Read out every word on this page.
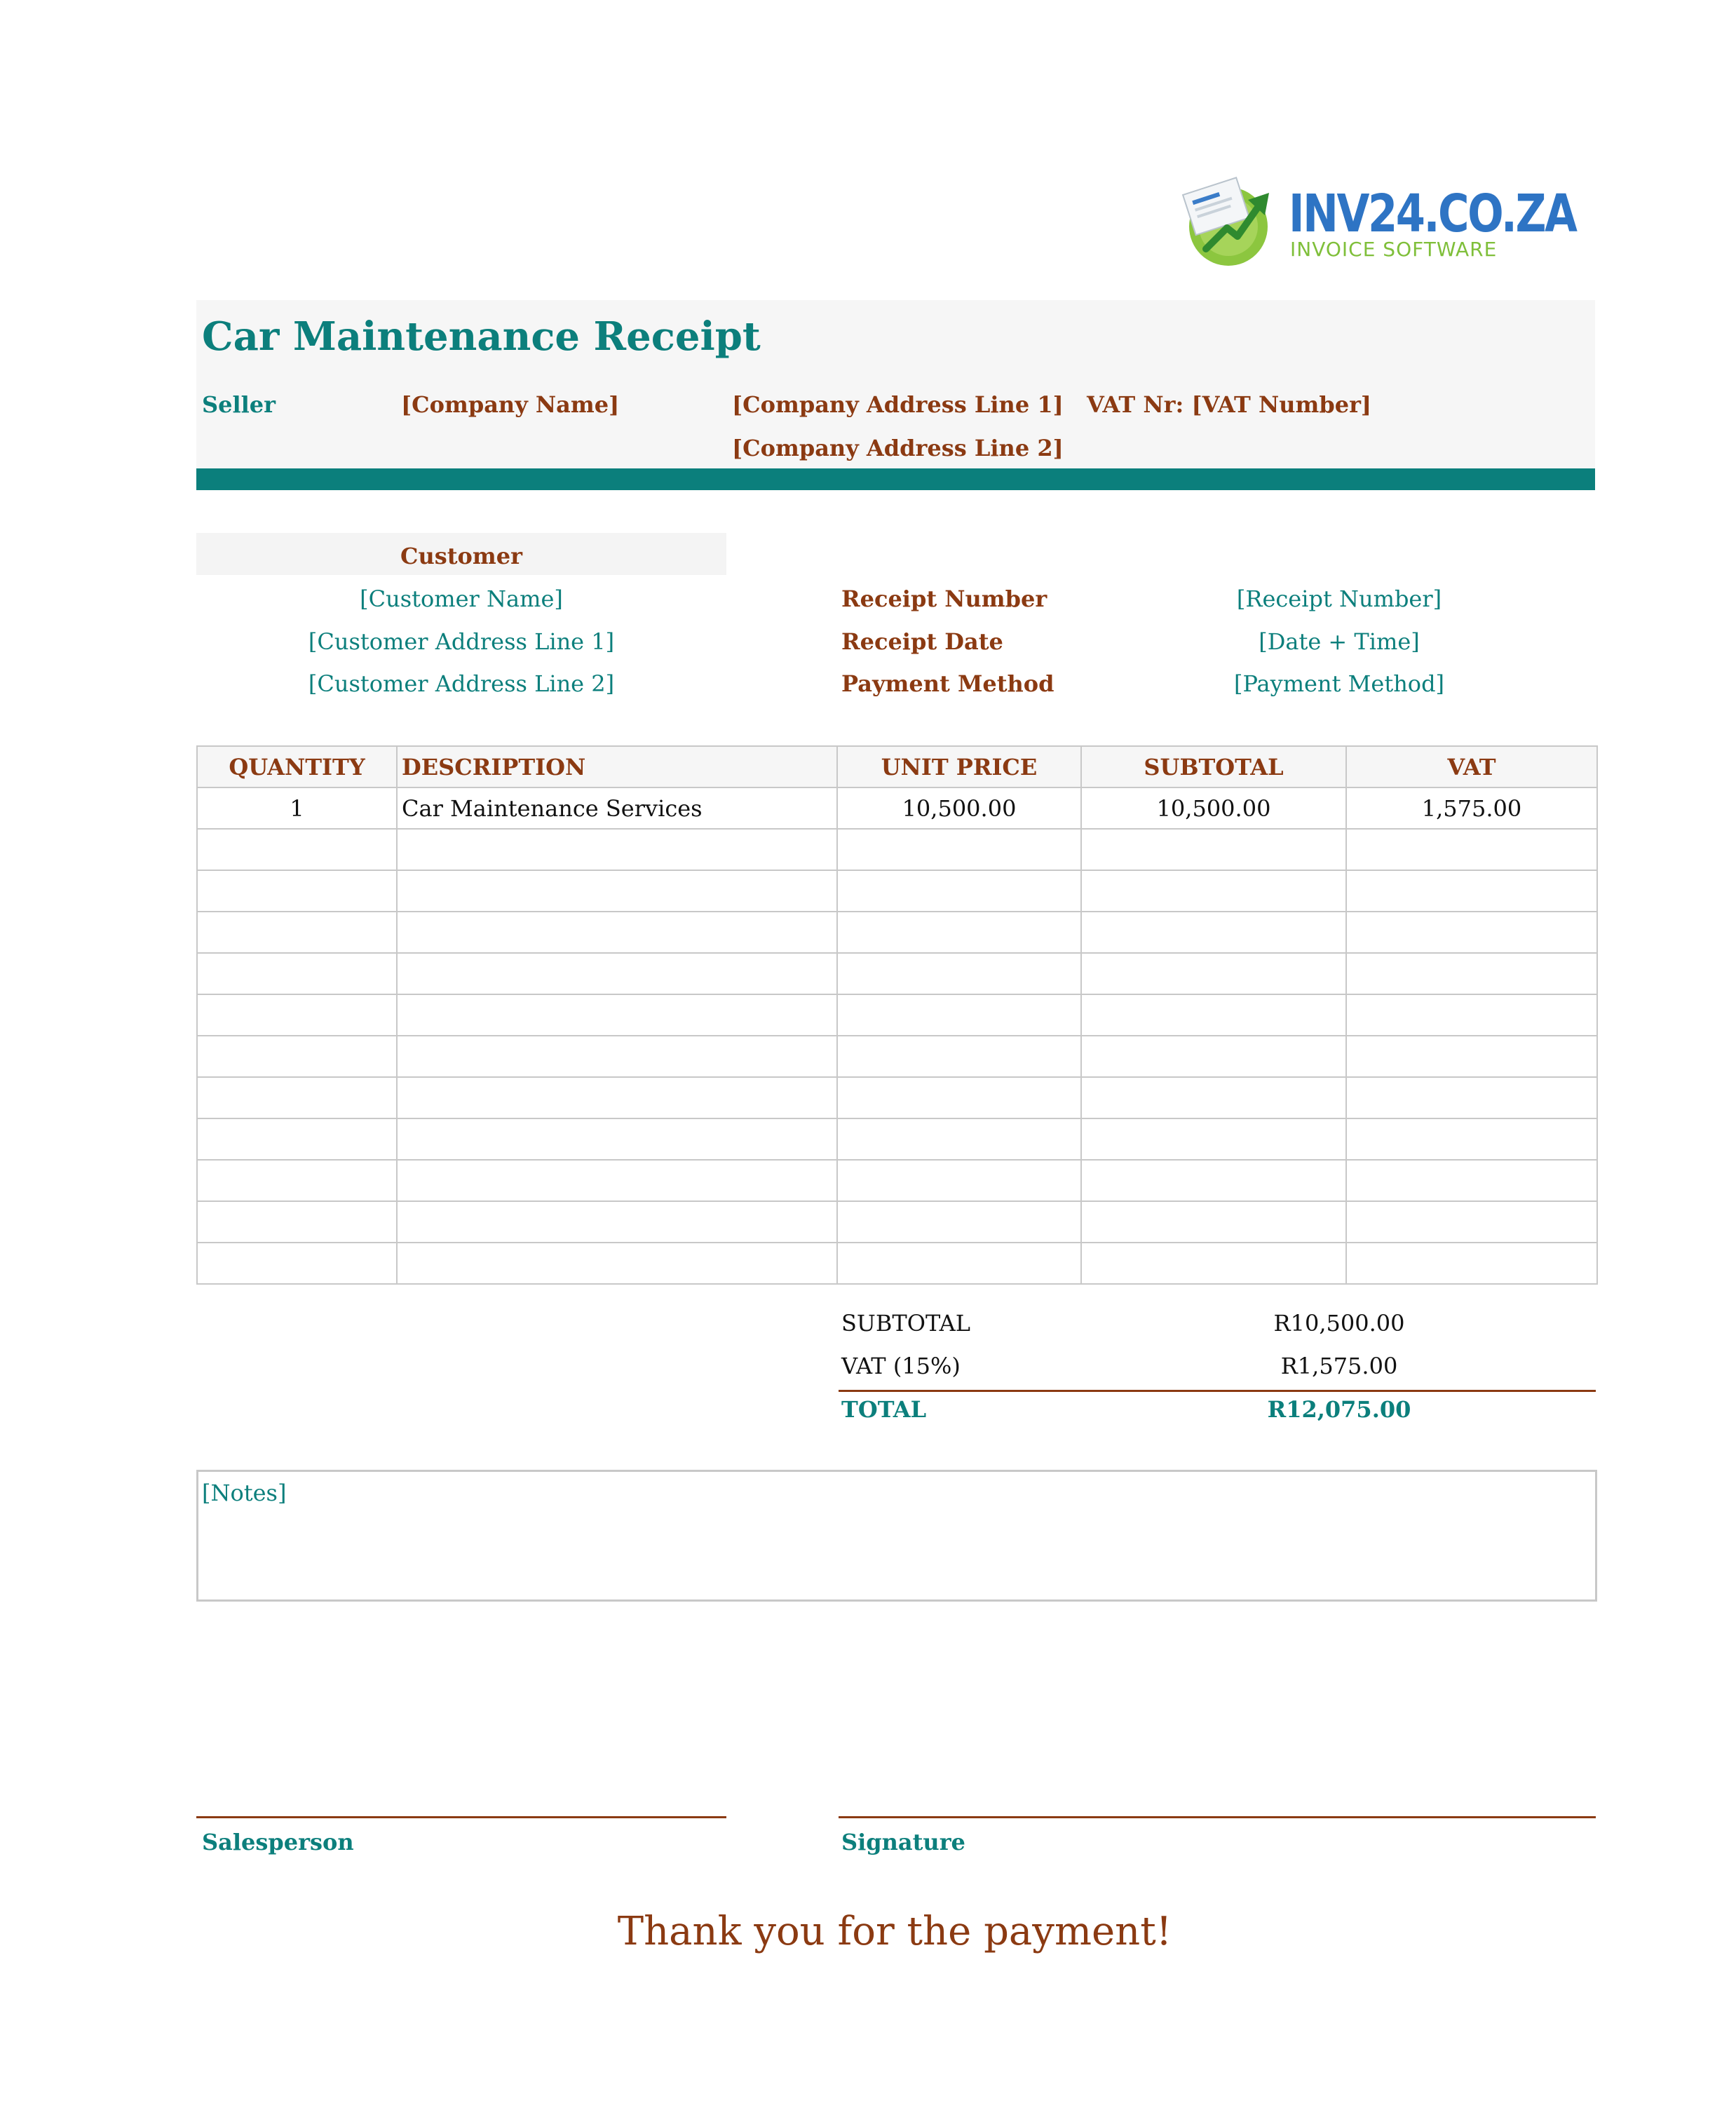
INV24.CO.ZA
INVOICE SOFTWARE
Car Maintenance Receipt
Seller	[Company Name]	[Company Address Line 1]
[Company Address Line 2]
VAT Nr: [VAT Number]
Customer
[Customer Name]
[Customer Address Line 1]
[Customer Address Line 2]
Receipt Number	[Receipt Number]
Receipt Date	[Date + Time]
Payment Method	[Payment Method]
QUANTITY	DESCRIPTION	UNIT PRICE	SUBTOTAL	VAT
1	Car Maintenance Services	10,500.00	10,500.00	1,575.00

SUBTOTAL	R10,500.00
VAT (15%)	R1,575.00
TOTAL	R12,075.00
[Notes]
Salesperson	Signature
Thank you for the payment!
